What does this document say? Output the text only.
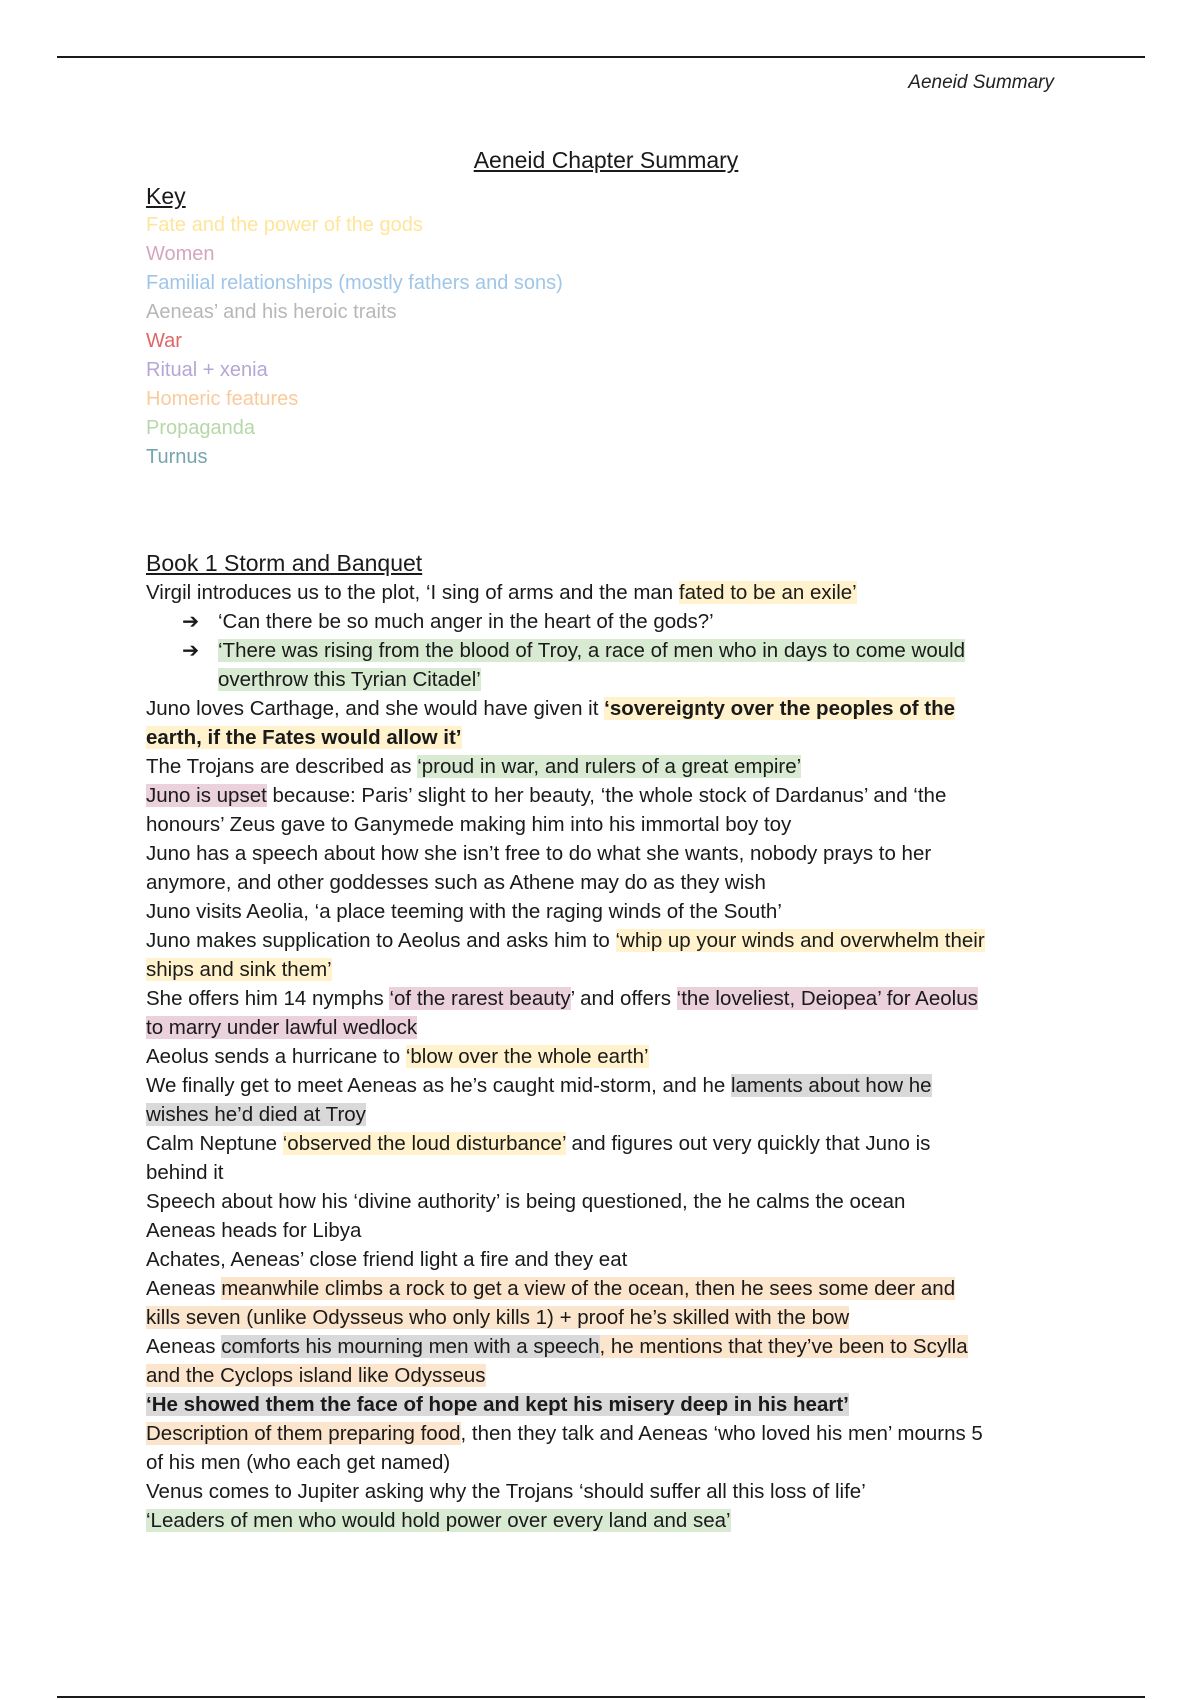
Aeneid Summary
Aeneid Chapter Summary
Key
Fate and the power of the gods
Women
Familial relationships (mostly fathers and sons)
Aeneas’ and his heroic traits
War
Ritual + xenia
Homeric features
Propaganda
Turnus
Book 1 Storm and Banquet
Virgil introduces us to the plot, ‘I sing of arms and the man fated to be an exile’
➔ ‘Can there be so much anger in the heart of the gods?’
➔ ‘There was rising from the blood of Troy, a race of men who in days to come would
overthrow this Tyrian Citadel’
Juno loves Carthage, and she would have given it ‘sovereignty over the peoples of the
earth, if the Fates would allow it’
The Trojans are described as ‘proud in war, and rulers of a great empire’
Juno is upset because: Paris’ slight to her beauty, ‘the whole stock of Dardanus’ and ‘the
honours’ Zeus gave to Ganymede making him into his immortal boy toy
Juno has a speech about how she isn’t free to do what she wants, nobody prays to her
anymore, and other goddesses such as Athene may do as they wish
Juno visits Aeolia, ‘a place teeming with the raging winds of the South’
Juno makes supplication to Aeolus and asks him to ‘whip up your winds and overwhelm their
ships and sink them’
She offers him 14 nymphs ‘of the rarest beauty’ and offers ‘the loveliest, Deiopea’ for Aeolus
to marry under lawful wedlock
Aeolus sends a hurricane to ‘blow over the whole earth’
We finally get to meet Aeneas as he’s caught mid-storm, and he laments about how he
wishes he’d died at Troy
Calm Neptune ‘observed the loud disturbance’ and figures out very quickly that Juno is
behind it
Speech about how his ‘divine authority’ is being questioned, the he calms the ocean
Aeneas heads for Libya
Achates, Aeneas’ close friend light a fire and they eat
Aeneas meanwhile climbs a rock to get a view of the ocean, then he sees some deer and
kills seven (unlike Odysseus who only kills 1) + proof he’s skilled with the bow
Aeneas comforts his mourning men with a speech, he mentions that they’ve been to Scylla
and the Cyclops island like Odysseus
‘He showed them the face of hope and kept his misery deep in his heart’
Description of them preparing food, then they talk and Aeneas ‘who loved his men’ mourns 5
of his men (who each get named)
Venus comes to Jupiter asking why the Trojans ‘should suffer all this loss of life’
‘Leaders of men who would hold power over every land and sea’
